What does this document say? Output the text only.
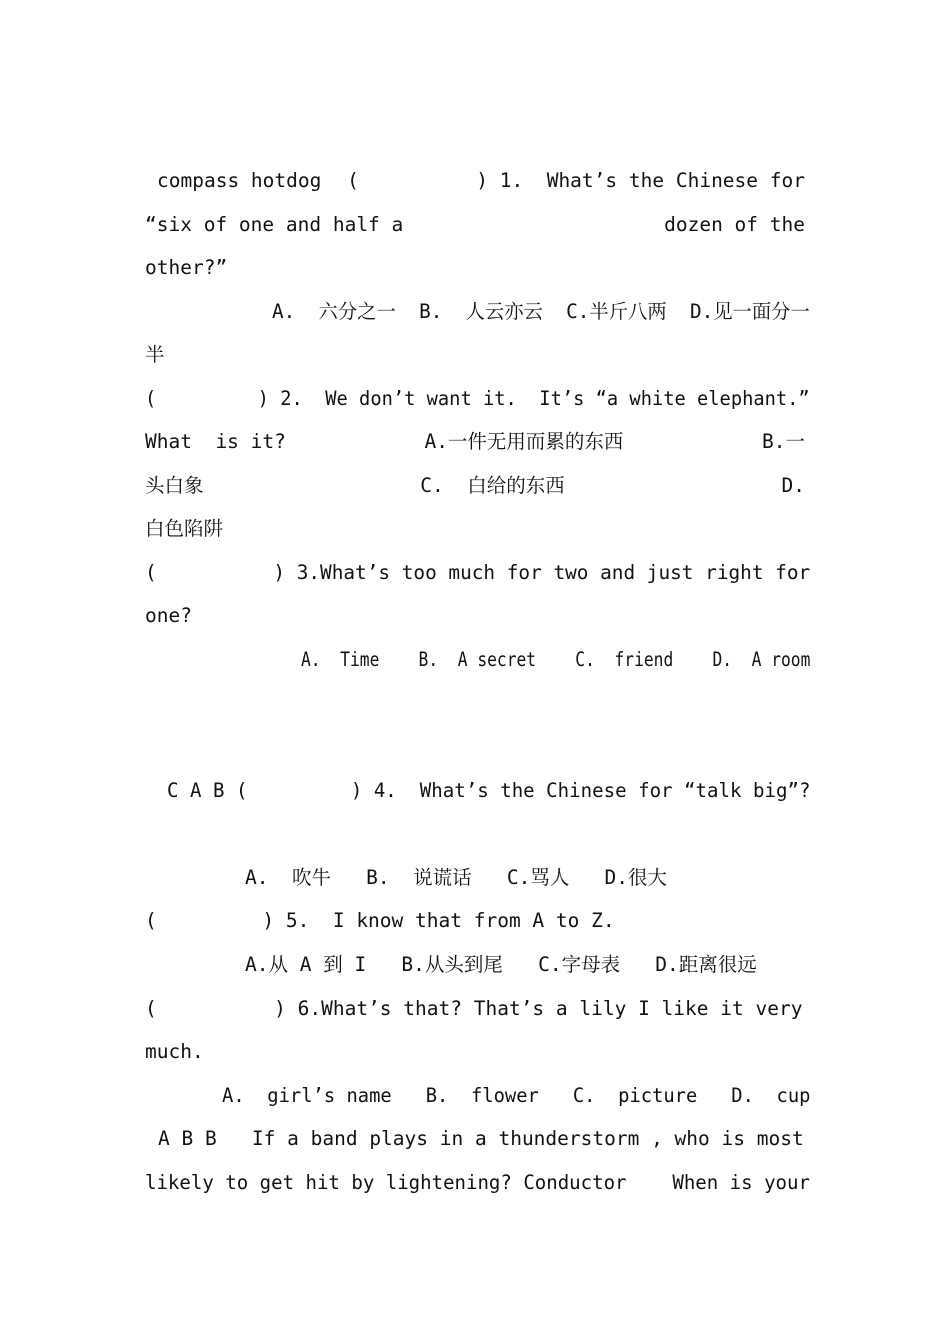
compass hotdog (          ) 1.  What’s the Chinese for
“six of one and half a	dozen of the
other?”
A.  六分之一  B.  人云亦云  C.半斤八两  D.见一面分一
半
(         ) 2.  We don’t want it.  It’s “a white elephant.”
What  is it?	A.一件无用而累的东西	B.一
头白象	C.  白给的东西	D.
白色陷阱
(          ) 3.What’s too much for two and just right for
one?
A.  Time    B.  A secret    C.  friend    D.  A room
C A B (         ) 4.  What’s the Chinese for “talk big”?
A.  吹牛   B.  说谎话   C.骂人   D.很大
(         ) 5.  I know that from A to Z.
A.从 A 到 I   B.从头到尾   C.字母表   D.距离很远
(          ) 6.What’s that? That’s a lily I like it very
much.
A.  girl’s name   B.  flower   C.  picture   D.  cup
A B B   If a band plays in a thunderstorm , who is most
likely to get hit by lightening? Conductor    When is your
